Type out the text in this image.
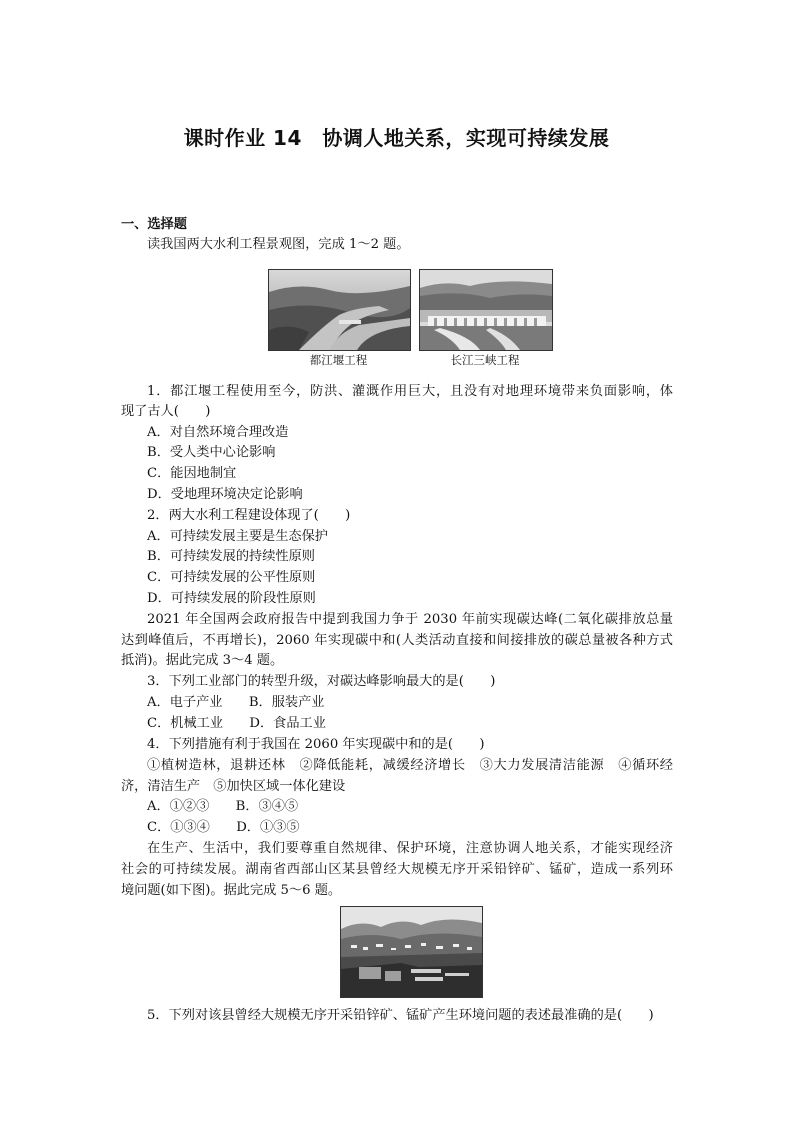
课时作业 14　协调人地关系，实现可持续发展
一、选择题
读我国两大水利工程景观图，完成 1～2 题。
都江堰工程	长江三峡工程
1．都江堰工程使用至今，防洪、灌溉作用巨大，且没有对地理环境带来负面影响，体
现了古人(　　)
A．对自然环境合理改造
B．受人类中心论影响
C．能因地制宜
D．受地理环境决定论影响
2．两大水利工程建设体现了(　　)
A．可持续发展主要是生态保护
B．可持续发展的持续性原则
C．可持续发展的公平性原则
D．可持续发展的阶段性原则
2021 年全国两会政府报告中提到我国力争于 2030 年前实现碳达峰(二氧化碳排放总量
达到峰值后，不再增长)，2060 年实现碳中和(人类活动直接和间接排放的碳总量被各种方式
抵消)。据此完成 3～4 题。
3．下列工业部门的转型升级，对碳达峰影响最大的是(　　)
A．电子产业　　B．服装产业
C．机械工业　　D．食品工业
4．下列措施有利于我国在 2060 年实现碳中和的是(　　)
①植树造林，退耕还林　②降低能耗，减缓经济增长　③大力发展清洁能源　④循环经
济，清洁生产　⑤加快区域一体化建设
A．①②③　　B．③④⑤
C．①③④　　D．①③⑤
在生产、生活中，我们要尊重自然规律、保护环境，注意协调人地关系，才能实现经济
社会的可持续发展。湖南省西部山区某县曾经大规模无序开采铅锌矿、锰矿，造成一系列环
境问题(如下图)。据此完成 5～6 题。
5．下列对该县曾经大规模无序开采铅锌矿、锰矿产生环境问题的表述最准确的是(　　)
